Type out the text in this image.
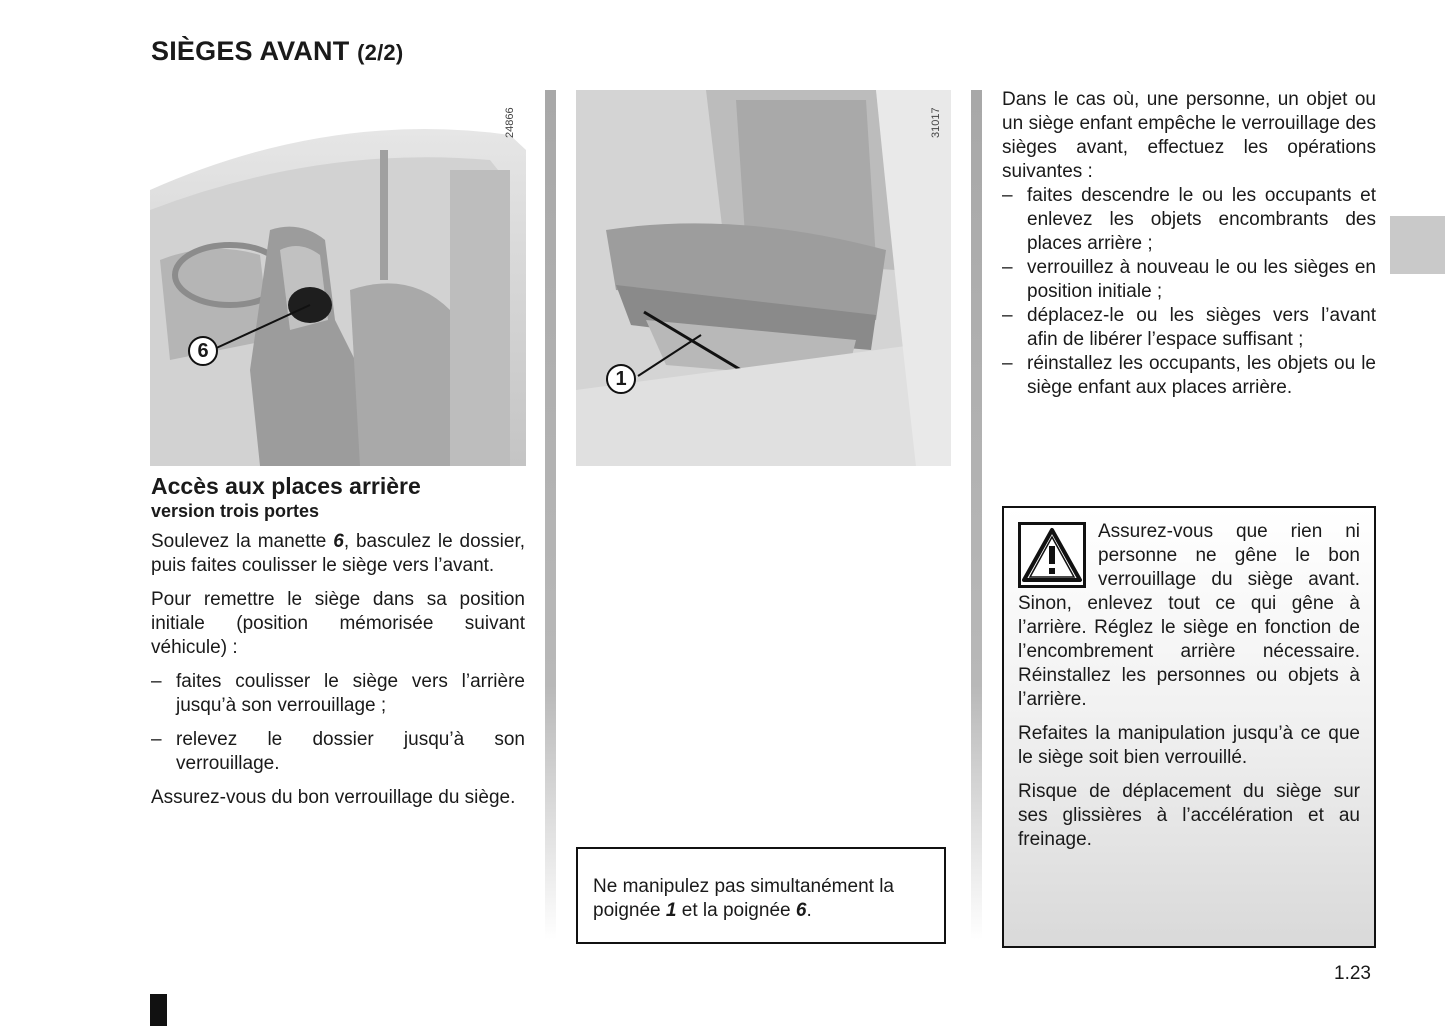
SIÈGES AVANT (2/2)
6
24866
1
31017
Accès aux places arrière
version trois portes

Soulevez la manette 6, basculez le dossier, puis faites coulisser le siège vers l’avant.

Pour remettre le siège dans sa position initiale (position mémorisée suivant véhicule) :

– faites coulisser le siège vers l’arrière jusqu’à son verrouillage ;
– relevez le dossier jusqu’à son verrouillage.

Assurez-vous du bon verrouillage du siège.

Ne manipulez pas simultanément la poignée 1 et la poignée 6.

Dans le cas où, une personne, un objet ou un siège enfant empêche le verrouillage des sièges avant, effectuez les opérations suivantes :

– faites descendre le ou les occupants et enlevez les objets encombrants des places arrière ;
– verrouillez à nouveau le ou les sièges en position initiale ;
– déplacez-le ou les sièges vers l’avant afin de libérer l’espace suffisant ;
– réinstallez les occupants, les objets ou le siège enfant aux places arrière.

Assurez-vous que rien ni personne ne gêne le bon verrouillage du siège avant. Sinon, enlevez tout ce qui gêne à l’arrière. Réglez le siège en fonction de l’encombrement arrière nécessaire. Réinstallez les personnes ou objets à l’arrière.

Refaites la manipulation jusqu’à ce que le siège soit bien verrouillé.

Risque de déplacement du siège sur ses glissières à l’accélération et au freinage.

1.23
